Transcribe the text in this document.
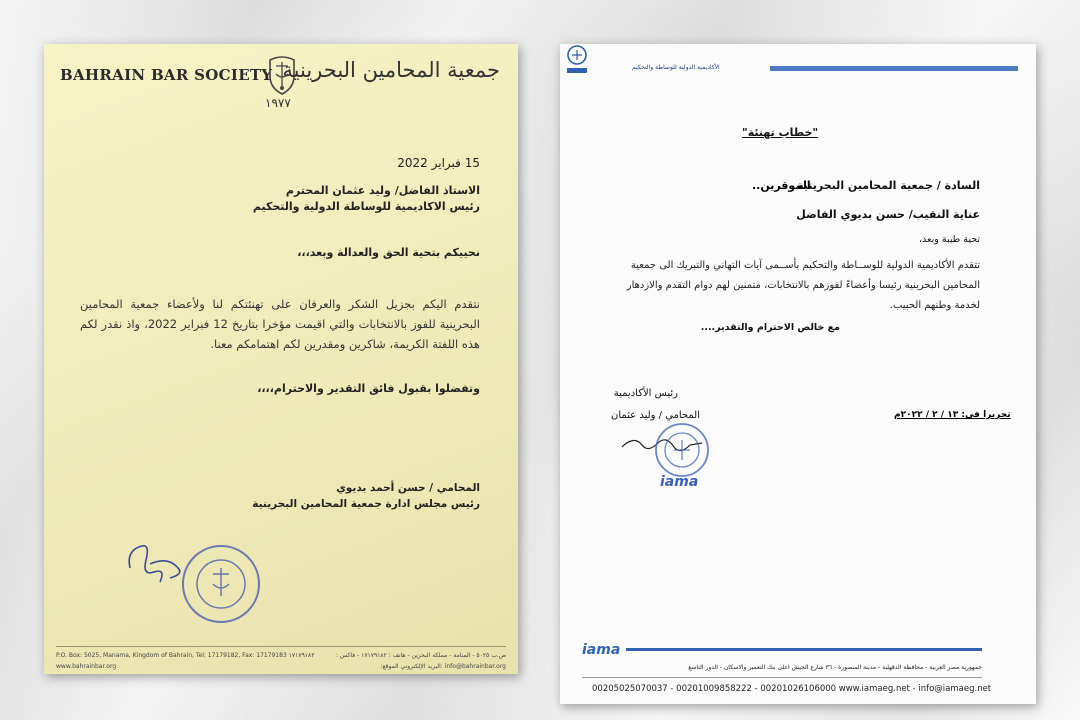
BAHRAIN BAR SOCIETY
١٩٧٧
جمعية المحامين البحرينية
15 فبراير 2022
الاستاذ الفاضل/ وليد عثمان المحترم
رئيس الاكاديمية للوساطة الدولية والتحكيم
نحييكم بتحية الحق والعدالة وبعد،،،
نتقدم اليكم بجزيل الشكر والعرفان على تهنئتكم لنا ولأعضاء جمعية المحامين البحرينية للفوز بالانتخابات والتي اقيمت مؤخرا بتاريخ 12 فبراير 2022، واذ نقدر لكم هذه اللفتة الكريمة، شاكرين ومقدرين لكم اهتمامكم معنا.
وتفضلوا بقبول فائق التقدير والاحترام،،،،
المحامي / حسن أحمد بديوي
رئيس مجلس ادارة جمعية المحامين البحرينية
P.O. Box: 5025, Manama, Kingdom of Bahrain, Tel: 17179182, Fax: 17179183 ١٧١٧٩١٨٣	ص.ب ٥٠٢٥ - المنامة - مملكة البحرين - هاتف : ١٧١٧٩١٨٢ - فاكس :
www.bahrainbar.org	info@bahrainbar.org :البريد الإلكتروني الموقع:
الأكاديمية الدولية للوساطة والتحكيم
"خطاب تهنئة"
السادة / جمعية المحامين البحرينية
الموقرين..
عناية النقيب/ حسن بديوي الفاضل
تحية طيبة وبعد،
تتقدم الأكاديمية الدولية للوســاطة والتحكيم بأســمى آيات التهاني والتبريك الى جمعية المحامين البحرينية رئيسا وأعضاءً لفوزهم بالانتخابات، متمنين لهم دوام التقدم والازدهار لخدمة وطنهم الحبيب.
مع خالص الاحترام والتقدير....
رئيس الأكاديمية
المحامي / وليد عثمان	تحريرا في: ١٣ / ٢ / ٢٠٢٢م
iama
iama
جمهورية مصر العربية - محافظة الدقهلية - مدينة المنصورة - ٣٦ شارع الجيش اعلى بنك التعمير والاسكان - الدور التاسع
00205025070037 - 00201009858222 - 00201026106000 www.iamaeg.net - info@iamaeg.net
